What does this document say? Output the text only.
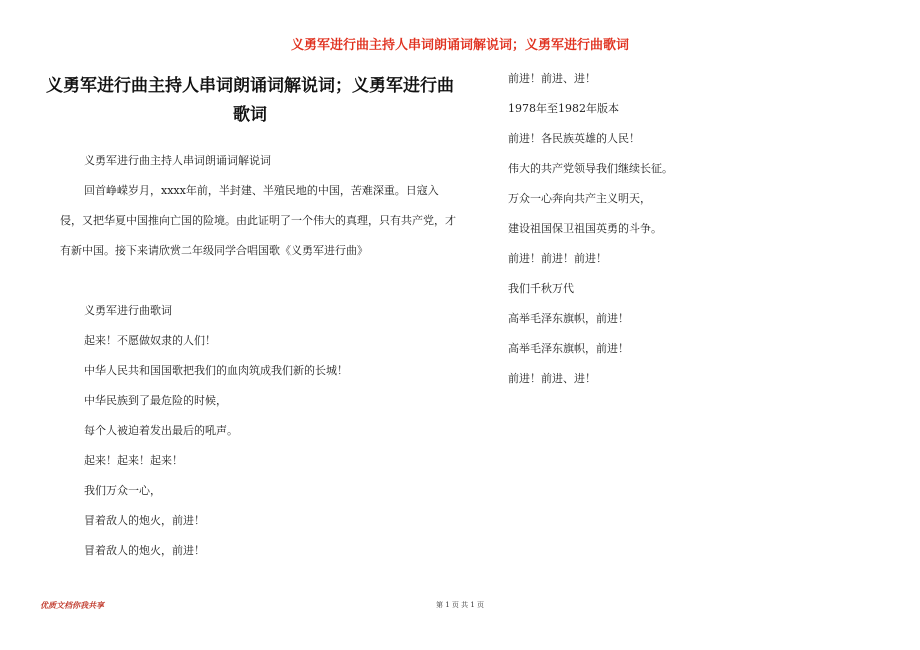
义勇军进行曲主持人串词朗诵词解说词；义勇军进行曲歌词
义勇军进行曲主持人串词朗诵词解说词；义勇军进行曲
歌词

义勇军进行曲主持人串词朗诵词解说词

回首峥嵘岁月，xxxx年前，半封建、半殖民地的中国，苦难深重。日寇入侵，又把华夏中国推向亡国的险境。由此证明了一个伟大的真理，只有共产党，才有新中国。接下来请欣赏二年级同学合唱国歌《义勇军进行曲》

义勇军进行曲歌词

起来！不愿做奴隶的人们！

中华人民共和国国歌把我们的血肉筑成我们新的长城！

中华民族到了最危险的时候，

每个人被迫着发出最后的吼声。

起来！起来！起来！

我们万众一心，

冒着敌人的炮火，前进！

冒着敌人的炮火，前进！

前进！前进、进！

1978年至1982年版本

前进！各民族英雄的人民！

伟大的共产党领导我们继续长征。

万众一心奔向共产主义明天，

建设祖国保卫祖国英勇的斗争。

前进！前进！前进！

我们千秋万代

高举毛泽东旗帜，前进！

高举毛泽东旗帜，前进！

前进！前进、进！

优质文档你我共享	第 1 页 共 1 页
